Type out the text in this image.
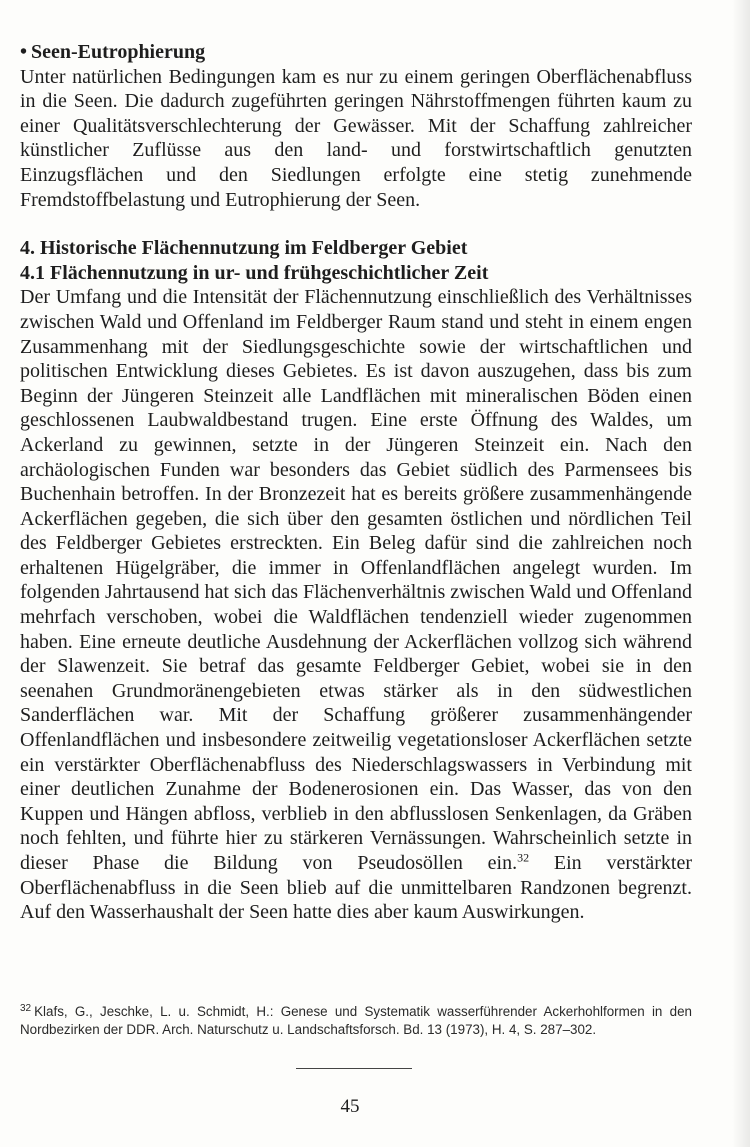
• Seen-Eutrophierung

Unter natürlichen Bedingungen kam es nur zu einem geringen Oberflächenabfluss in die Seen. Die dadurch zugeführten geringen Nährstoffmengen führten kaum zu einer Qualitätsverschlechterung der Gewässer. Mit der Schaffung zahlreicher künstlicher Zuflüsse aus den land- und forstwirtschaftlich genutzten Einzugsflächen und den Siedlungen erfolgte eine stetig zunehmende Fremdstoffbelastung und Eutrophierung der Seen.

4. Historische Flächennutzung im Feldberger Gebiet

4.1 Flächennutzung in ur- und frühgeschichtlicher Zeit

Der Umfang und die Intensität der Flächennutzung einschließlich des Verhältnisses zwischen Wald und Offenland im Feldberger Raum stand und steht in einem engen Zusammenhang mit der Siedlungsgeschichte sowie der wirtschaftlichen und politischen Entwicklung dieses Gebietes. Es ist davon auszugehen, dass bis zum Beginn der Jüngeren Steinzeit alle Landflächen mit mineralischen Böden einen geschlossenen Laubwaldbestand trugen. Eine erste Öffnung des Waldes, um Ackerland zu gewinnen, setzte in der Jüngeren Steinzeit ein. Nach den archäologischen Funden war besonders das Gebiet südlich des Parmensees bis Buchenhain betroffen. In der Bronzezeit hat es bereits größere zusammenhängende Ackerflächen gegeben, die sich über den gesamten östlichen und nördlichen Teil des Feldberger Gebietes erstreckten. Ein Beleg dafür sind die zahlreichen noch erhaltenen Hügelgräber, die immer in Offenlandflächen angelegt wurden. Im folgenden Jahrtausend hat sich das Flächenverhältnis zwischen Wald und Offenland mehrfach verschoben, wobei die Waldflächen tendenziell wieder zugenommen haben. Eine erneute deutliche Ausdehnung der Ackerflächen vollzog sich während der Slawenzeit. Sie betraf das gesamte Feldberger Gebiet, wobei sie in den seenahen Grundmoränengebieten etwas stärker als in den südwestlichen Sanderflächen war. Mit der Schaffung größerer zusammenhängender Offenlandflächen und insbesondere zeitweilig vegetationsloser Ackerflächen setzte ein verstärkter Oberflächenabfluss des Niederschlagswassers in Verbindung mit einer deutlichen Zunahme der Bodenerosionen ein. Das Wasser, das von den Kuppen und Hängen abfloss, verblieb in den abflusslosen Senkenlagen, da Gräben noch fehlten, und führte hier zu stärkeren Vernässungen. Wahrscheinlich setzte in dieser Phase die Bildung von Pseudosöllen ein.$^{32}$ Ein verstärkter Oberflächenabfluss in die Seen blieb auf die unmittelbaren Randzonen begrenzt. Auf den Wasserhaushalt der Seen hatte dies aber kaum Auswirkungen.

$^{32}$ Klafs, G., Jeschke, L. u. Schmidt, H.: Genese und Systematik wasserführender Ackerhohlformen in den Nordbezirken der DDR. Arch. Naturschutz u. Landschaftsforsch. Bd. 13 (1973), H. 4, S. 287–302.

45
